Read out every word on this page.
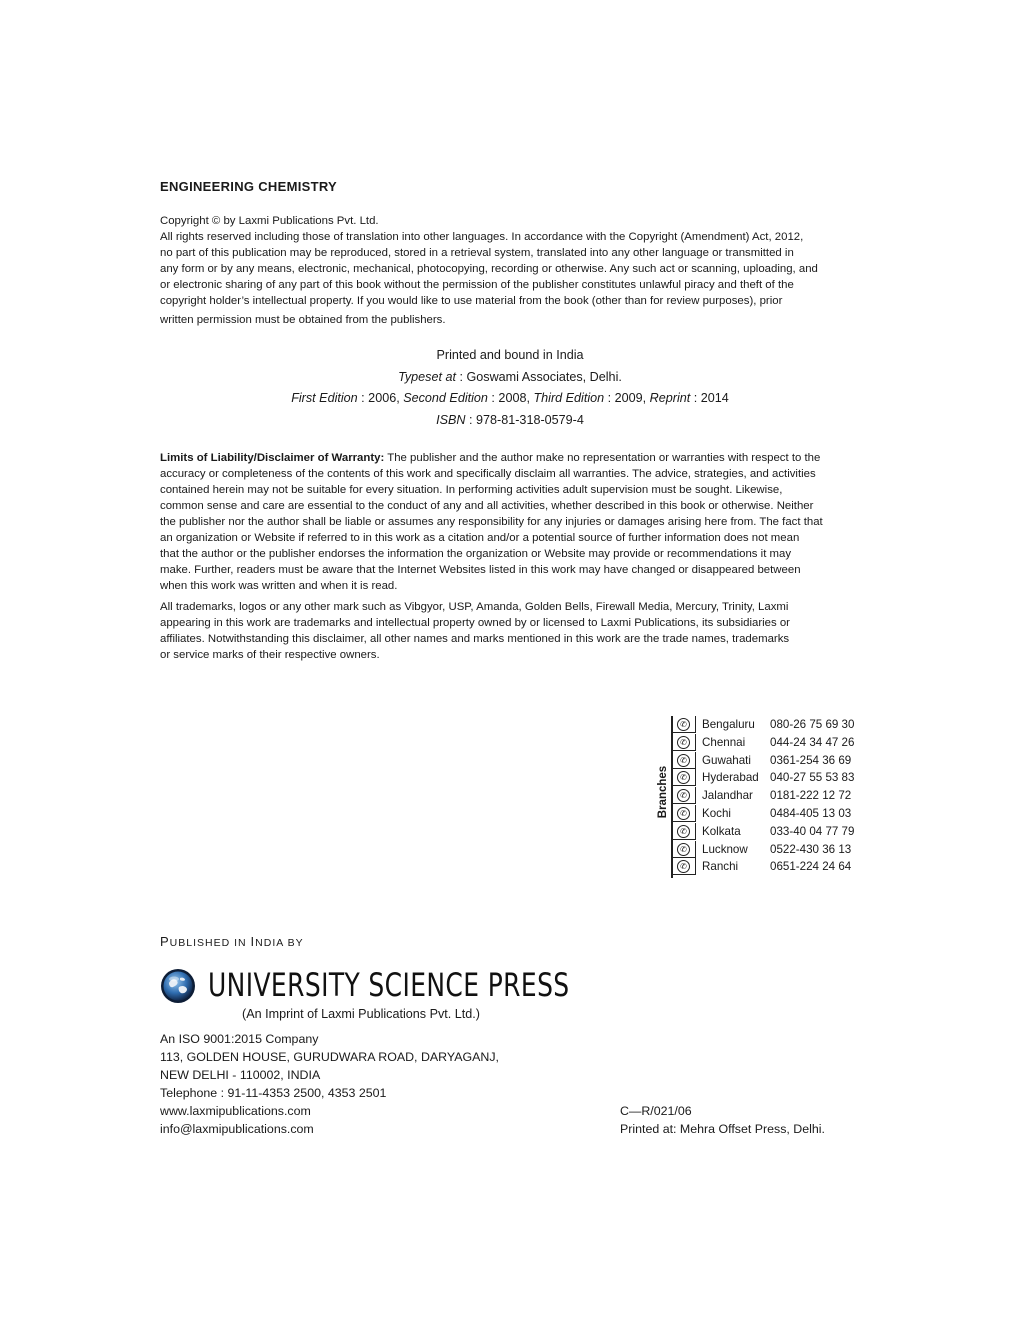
ENGINEERING CHEMISTRY
Copyright © by Laxmi Publications Pvt. Ltd.
All rights reserved including those of translation into other languages. In accordance with the Copyright (Amendment) Act, 2012,
no part of this publication may be reproduced, stored in a retrieval system, translated into any other language or transmitted in
any form or by any means, electronic, mechanical, photocopying, recording or otherwise. Any such act or scanning, uploading, and
or electronic sharing of any part of this book without the permission of the publisher constitutes unlawful piracy and theft of the
copyright holder’s intellectual property. If you would like to use material from the book (other than for review purposes), prior
written permission must be obtained from the publishers.
Printed and bound in India
Typeset at : Goswami Associates, Delhi.
First Edition : 2006, Second Edition : 2008, Third Edition : 2009, Reprint : 2014
ISBN : 978-81-318-0579-4
Limits of Liability/Disclaimer of Warranty: The publisher and the author make no representation or warranties with respect to the
accuracy or completeness of the contents of this work and specifically disclaim all warranties. The advice, strategies, and activities
contained herein may not be suitable for every situation. In performing activities adult supervision must be sought. Likewise,
common sense and care are essential to the conduct of any and all activities, whether described in this book or otherwise. Neither
the publisher nor the author shall be liable or assumes any responsibility for any injuries or damages arising here from. The fact that
an organization or Website if referred to in this work as a citation and/or a potential source of further information does not mean
that the author or the publisher endorses the information the organization or Website may provide or recommendations it may
make. Further, readers must be aware that the Internet Websites listed in this work may have changed or disappeared between
when this work was written and when it is read.
All trademarks, logos or any other mark such as Vibgyor, USP, Amanda, Golden Bells, Firewall Media, Mercury, Trinity, Laxmi
appearing in this work are trademarks and intellectual property owned by or licensed to Laxmi Publications, its subsidiaries or
affiliates. Notwithstanding this disclaimer, all other names and marks mentioned in this work are the trade names, trademarks
or service marks of their respective owners.
Branches
✆ Bengaluru 080-26 75 69 30
✆ Chennai 044-24 34 47 26
✆ Guwahati 0361-254 36 69
✆ Hyderabad 040-27 55 53 83
✆ Jalandhar 0181-222 12 72
✆ Kochi	0484-405 13 03
✆ Kolkata	033-40 04 77 79
✆ Lucknow 0522-430 36 13
✆ Ranchi	0651-224 24 64
PUBLISHED IN INDIA BY
UNIVERSITY SCIENCE PRESS
(An Imprint of Laxmi Publications Pvt. Ltd.)
An ISO 9001:2015 Company
113, GOLDEN HOUSE, GURUDWARA ROAD, DARYAGANJ,
NEW DELHI - 110002, INDIA
Telephone : 91-11-4353 2500, 4353 2501
www.laxmipublications.com
info@laxmipublications.com
C—R/021/06
Printed at: Mehra Offset Press, Delhi.
